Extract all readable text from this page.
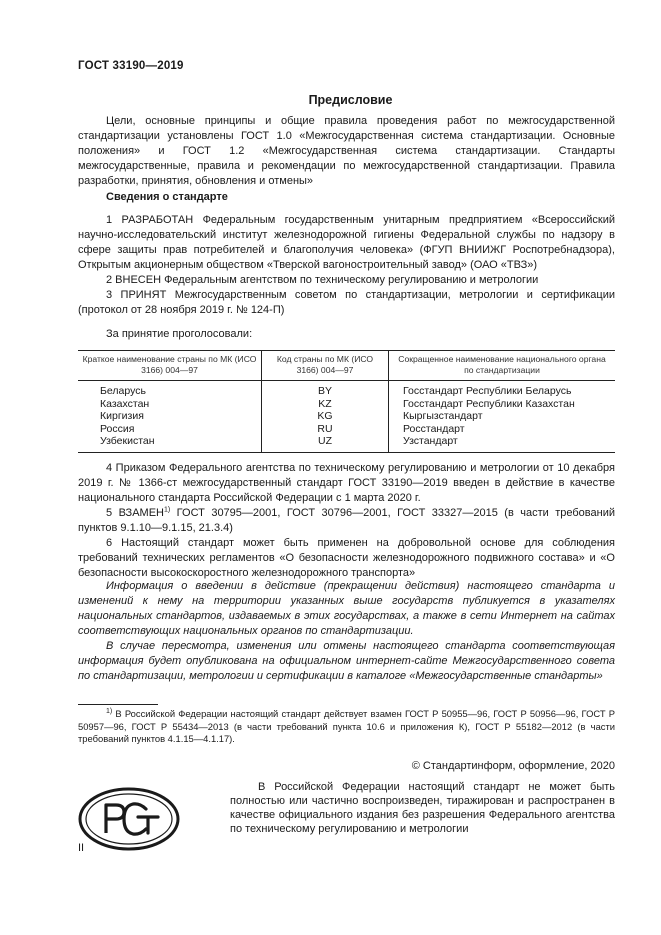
ГОСТ 33190—2019
Предисловие

Цели, основные принципы и общие правила проведения работ по межгосударственной стандартизации установлены ГОСТ 1.0 «Межгосударственная система стандартизации. Основные положения» и ГОСТ 1.2 «Межгосударственная система стандартизации. Стандарты межгосударственные, правила и рекомендации по межгосударственной стандартизации. Правила разработки, принятия, обновления и отмены»

Сведения о стандарте

1 РАЗРАБОТАН Федеральным государственным унитарным предприятием «Всероссийский научно-исследовательский институт железнодорожной гигиены Федеральной службы по надзору в сфере защиты прав потребителей и благополучия человека» (ФГУП ВНИИЖГ Роспотребнадзора), Открытым акционерным обществом «Тверской вагоностроительный завод» (ОАО «ТВЗ»)

2 ВНЕСЕН Федеральным агентством по техническому регулированию и метрологии

3 ПРИНЯТ Межгосударственным советом по стандартизации, метрологии и сертификации (протокол от 28 ноября 2019 г. № 124-П)

За принятие проголосовали:

Краткое наименование страны по МК (ИСО 3166) 004—97	Код страны по МК (ИСО 3166) 004—97	Сокращенное наименование национального органа по стандартизации
Беларусь	BY	Госстандарт Республики Беларусь
Казахстан	KZ	Госстандарт Республики Казахстан
Киргизия	KG	Кыргызстандарт
Россия	RU	Росстандарт
Узбекистан	UZ	Узстандарт

4 Приказом Федерального агентства по техническому регулированию и метрологии от 10 декабря 2019 г. № 1366-ст межгосударственный стандарт ГОСТ 33190—2019 введен в действие в качестве национального стандарта Российской Федерации с 1 марта 2020 г.

5 ВЗАМЕН$^{1)}$ ГОСТ 30795—2001, ГОСТ 30796—2001, ГОСТ 33327—2015 (в части требований пунктов 9.1.10—9.1.15, 21.3.4)

6 Настоящий стандарт может быть применен на добровольной основе для соблюдения требований технических регламентов «О безопасности железнодорожного подвижного состава» и «О безопасности высокоскоростного железнодорожного транспорта»

Информация о введении в действие (прекращении действия) настоящего стандарта и изменений к нему на территории указанных выше государств публикуется в указателях национальных стандартов, издаваемых в этих государствах, а также в сети Интернет на сайтах соответствующих национальных органов по стандартизации.

В случае пересмотра, изменения или отмены настоящего стандарта соответствующая информация будет опубликована на официальном интернет-сайте Межгосударственного совета по стандартизации, метрологии и сертификации в каталоге «Межгосударственные стандарты»

$^{1)}$ В Российской Федерации настоящий стандарт действует взамен ГОСТ Р 50955—96, ГОСТ Р 50956—96, ГОСТ Р 50957—96, ГОСТ Р 55434—2013 (в части требований пункта 10.6 и приложения К), ГОСТ Р 55182—2012 (в части требований пунктов 4.1.15—4.1.17).

© Стандартинформ, оформление, 2020

В Российской Федерации настоящий стандарт не может быть полностью или частично воспроизведен, тиражирован и распространен в качестве официального издания без разрешения Федерального агентства по техническому регулированию и метрологии

II
